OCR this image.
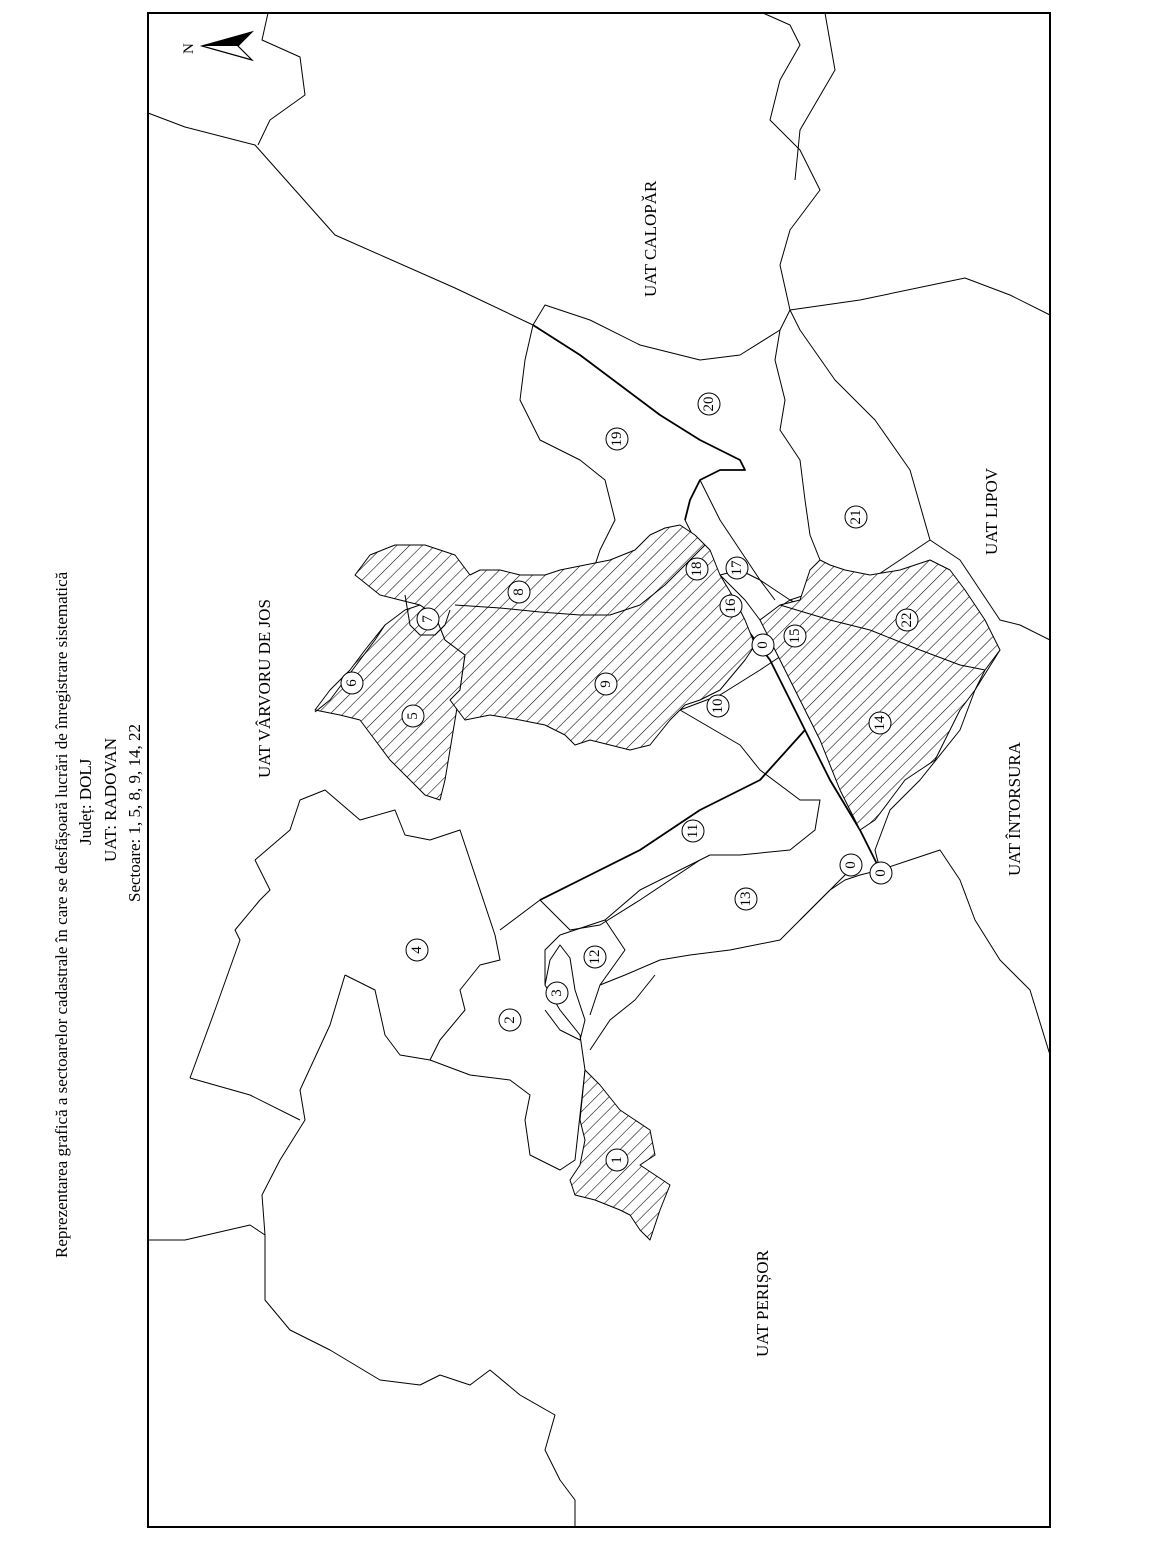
Reprezentarea grafică a sectoarelor cadastrale în care se desfășoară lucrări de înregistrare sistematică Județ: DOLJ UAT: RADOVAN Sectoare: 1, 5, 8, 9, 14, 22
N
UAT CALOPĂR
UAT VÂRVORU DE JOS
UAT LIPOV
UAT ÎNTORSURA
UAT PERIȘOR
1
2
3
4
5
6
7
8
9
10
11
12
13
14
15
16
17
18
19
20
21
22
0
0
0
